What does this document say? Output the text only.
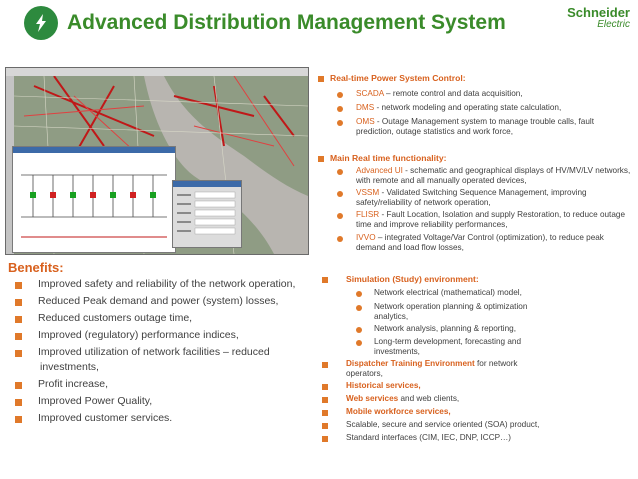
Advanced Distribution Management System	Schneider
Electric
Real-time Power System Control:
SCADA – remote control and data acquisition,
DMS - network modeling and operating state calculation,
OMS - Outage Management system to manage trouble calls, fault prediction, outage statistics and work force,
Main Real time functionality:
Advanced UI - schematic and geographical displays of HV/MV/LV networks, with remote and all manually operated devices,
VSSM - Validated Switching Sequence Management, improving safety/reliability of network operation,
FLISR - Fault Location, Isolation and supply Restoration, to reduce outage time and improve reliability performances,
IVVO – integrated Voltage/Var Control (optimization), to reduce peak demand and load flow losses,
Simulation (Study) environment:
Network electrical (mathematical) model,
Network operation planning & optimization analytics,
Network analysis, planning & reporting,
Long-term development, forecasting and investments,
Dispatcher Training Environment for network operators,
Historical services,
Web services and web clients,
Mobile workforce services,
Scalable, secure and service oriented (SOA) product,
Standard interfaces (CIM, IEC, DNP, ICCP…)
Benefits:
Improved safety and reliability of the network operation,
Reduced Peak demand and power (system) losses,
Reduced customers outage time,
Improved (regulatory) performance indices,
Improved utilization of network facilities – reduced
investments,
Profit increase,
Improved Power Quality,
Improved customer services.
